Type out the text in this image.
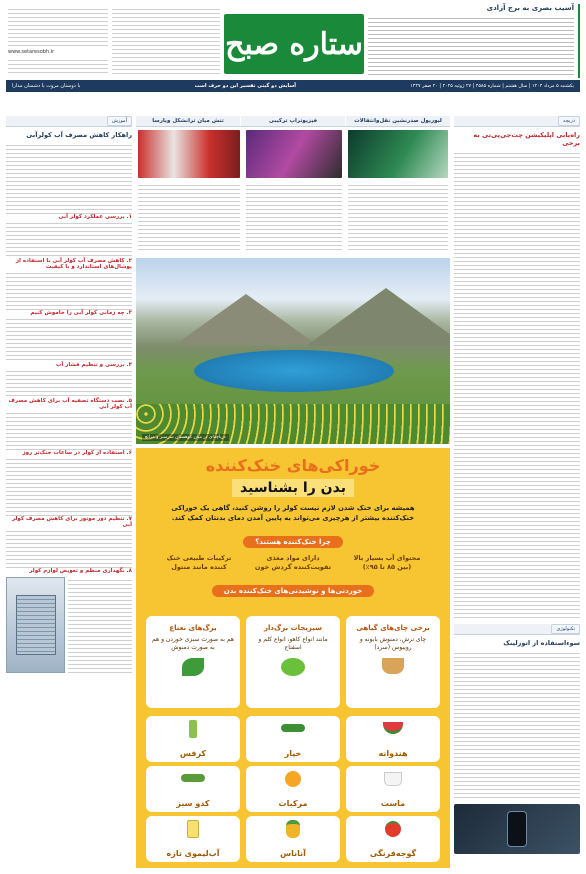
www.setaresobh.ir	ستاره صبح
آسیب بصری به برج آزادی
یکشنبه ۵ مرداد ۱۴۰۴ | سال هشتم | شماره ۴۵۸۵ | ۲۷ ژوئیه ۲۰۲۵ | ۲۰ صفر ۱۴۴۷
آسایش دو گیتی تفسیر این دو حرف است
با دوستان مروت با دشمنان مدارا
دریچه
راه‌یابی اپلیکیشن چت‌جی‌پی‌تی به برخی
تکنولوژی
سوءاستفاده از اتوزلینک
آموزش
راهکار کاهش مصرف آب کولرآبی
۱. بررسی عملکرد کولر آبی
۲. کاهش مصرف آب کولر آبی با استفاده از پوشال‌های استاندارد و با کیفیت
۳. چه زمانی کولر آبی را خاموش کنیم
۴. بررسی و تنظیم فشار آب
۵. نصب دستگاه تصفیه آب برای کاهش مصرف آب کولر آبی
۶. استفاده از کولر در ساعات خنک‌تر روز
۷. تنظیم دور موتور برای کاهش مصرف کولر آبی
۸. نگهداری منظم و تعویض لوازم کولر
لیورپول صدرنشین نقل‌وانتقالات
فیزیوتراپ ترکیبی
تنش میان ترانشکل ویارسا
دریاچه‌ای در میان کوهستان سرسبز و مراتع
خوراکی‌های خنک‌کننده
بدن را بشناسید
همیشه برای خنک شدن لازم نیست کولر را روشن کنید، گاهی یک خوراکی خنک‌کننده بیشتر از هرچیزی می‌تواند به پایین آمدن دمای بدنتان کمک کند.
چرا خنک‌کننده هستند؟
محتوای آب بسیار بالا (بین ۸۵ تا ۹۵٪)
دارای مواد مغذی تقویت‌کننده گردش خون
ترکیبات طبیعی خنک کننده مانند منتول
خوردنی‌ها و نوشیدنی‌های خنک‌کننده بدن
برخی چای‌های گیاهی
چای ترش، دمنوش بابونه و رویبوس (سرد)
سبزیجات برگ‌دار
مانند انواع کاهو، انواع کلم و اسفناج
برگ‌های نعناع
هم به صورت سبزی خوردن و هم به صورت دمنوش
هندوانه
خیار
کرفس
ماست
مرکبات
کدو سبز
گوجه‌فرنگی
آناناس
آب‌لیموی تازه
